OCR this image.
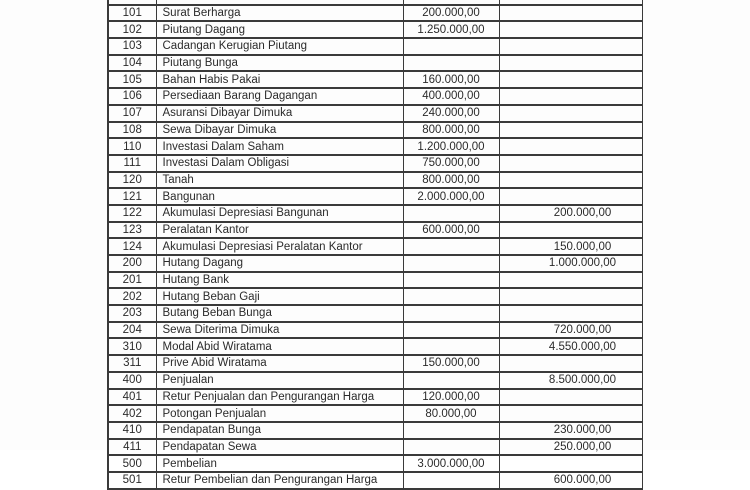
101	Surat Berharga	200.000,00	
102	Piutang Dagang	1.250.000,00	
103	Cadangan Kerugian Piutang		
104	Piutang Bunga		
105	Bahan Habis Pakai	160.000,00	
106	Persediaan Barang Dagangan	400.000,00	
107	Asuransi Dibayar Dimuka	240.000,00	
108	Sewa Dibayar Dimuka	800.000,00	
110	Investasi Dalam Saham	1.200.000,00	
111	Investasi Dalam Obligasi	750.000,00	
120	Tanah	800.000,00	
121	Bangunan	2.000.000,00	
122	Akumulasi Depresiasi Bangunan		200.000,00
123	Peralatan Kantor	600.000,00	
124	Akumulasi Depresiasi Peralatan Kantor		150.000,00
200	Hutang Dagang		1.000.000,00
201	Hutang Bank		
202	Hutang Beban Gaji		
203	Butang Beban Bunga		
204	Sewa Diterima Dimuka		720.000,00
310	Modal Abid Wiratama		4.550.000,00
311	Prive Abid Wiratama	150.000,00	
400	Penjualan		8.500.000,00
401	Retur Penjualan dan Pengurangan Harga	120.000,00	
402	Potongan Penjualan	80.000,00	
410	Pendapatan Bunga		230.000,00
411	Pendapatan Sewa		250.000,00
500	Pembelian	3.000.000,00	
501	Retur Pembelian dan Pengurangan Harga		600.000,00
